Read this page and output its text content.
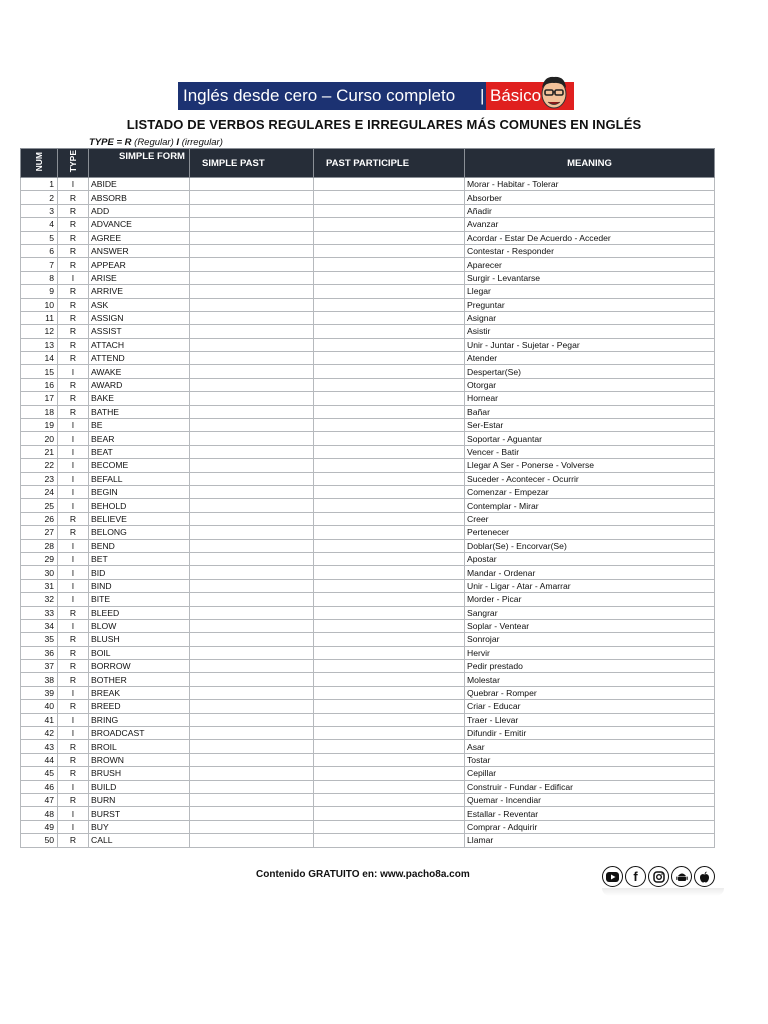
Inglés desde cero – Curso completo	| Básico
LISTADO DE VERBOS REGULARES E IRREGULARES MÁS COMUNES EN INGLÉS
TYPE = R (Regular) I (irregular)
NUM	TYPE	SIMPLE FORM	SIMPLE PAST	PAST PARTICIPLE	MEANING
1	I	ABIDE			Morar - Habitar - Tolerar
2	R	ABSORB			Absorber
3	R	ADD			Añadir
4	R	ADVANCE			Avanzar
5	R	AGREE			Acordar - Estar De Acuerdo - Acceder
6	R	ANSWER			Contestar - Responder
7	R	APPEAR			Aparecer
8	I	ARISE			Surgir - Levantarse
9	R	ARRIVE			Llegar
10	R	ASK			Preguntar
11	R	ASSIGN			Asignar
12	R	ASSIST			Asistir
13	R	ATTACH			Unir - Juntar - Sujetar - Pegar
14	R	ATTEND			Atender
15	I	AWAKE			Despertar(Se)
16	R	AWARD			Otorgar
17	R	BAKE			Hornear
18	R	BATHE			Bañar
19	I	BE			Ser-Estar
20	I	BEAR			Soportar - Aguantar
21	I	BEAT			Vencer - Batir
22	I	BECOME			Llegar A Ser - Ponerse - Volverse
23	I	BEFALL			Suceder - Acontecer - Ocurrir
24	I	BEGIN			Comenzar - Empezar
25	I	BEHOLD			Contemplar - Mirar
26	R	BELIEVE			Creer
27	R	BELONG			Pertenecer
28	I	BEND			Doblar(Se) - Encorvar(Se)
29	I	BET			Apostar
30	I	BID			Mandar - Ordenar
31	I	BIND			Unir - Ligar - Atar - Amarrar
32	I	BITE			Morder - Picar
33	R	BLEED			Sangrar
34	I	BLOW			Soplar - Ventear
35	R	BLUSH			Sonrojar
36	R	BOIL			Hervir
37	R	BORROW			Pedir prestado
38	R	BOTHER			Molestar
39	I	BREAK			Quebrar - Romper
40	R	BREED			Criar - Educar
41	I	BRING			Traer - Llevar
42	I	BROADCAST			Difundir - Emitir
43	R	BROIL			Asar
44	R	BROWN			Tostar
45	R	BRUSH			Cepillar
46	I	BUILD			Construir - Fundar - Edificar
47	R	BURN			Quemar - Incendiar
48	I	BURST			Estallar - Reventar
49	I	BUY			Comprar - Adquirir
50	R	CALL			Llamar
Contenido GRATUITO en: www.pacho8a.com	f
